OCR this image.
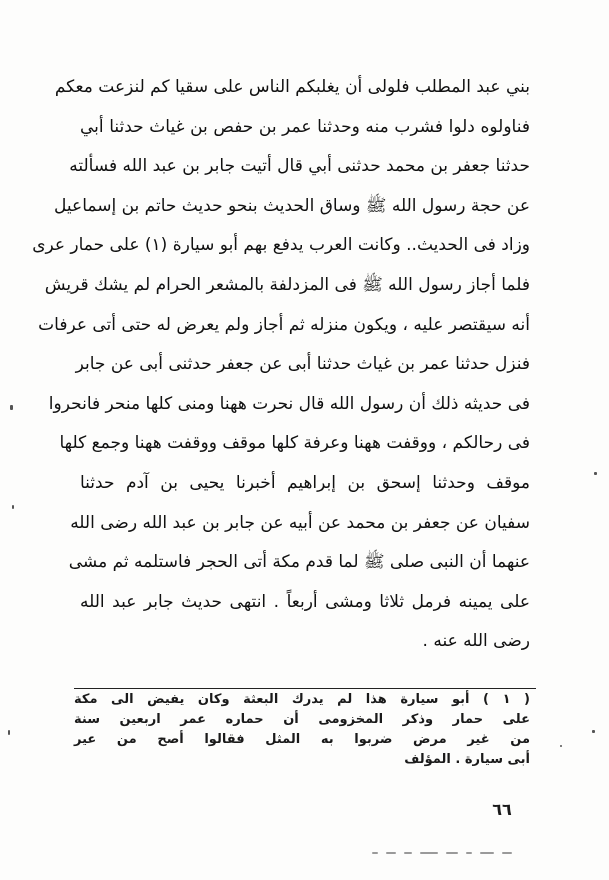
بني عبد المطلب فلولى أن يغلبكم الناس على سقيا كم لنزعت معكم
فناولوه دلوا فشرب منه وحدثنا عمر بن حفص بن غياث حدثنا أبي
حدثنا جعفر بن محمد حدثنى أبي قال أتيت جابر بن عبد الله فسألته
عن حجة رسول الله ﷺ وساق الحديث بنحو حديث حاتم بن إسماعيل
وزاد فى الحديث.. وكانت العرب يدفع بهم أبو سيارة (١) على حمار عرى
فلما أجاز رسول الله ﷺ فى المزدلفة بالمشعر الحرام لم يشك قريش
أنه سيقتصر عليه ، ويكون منزله ثم أجاز ولم يعرض له حتى أتى عرفات
فنزل حدثنا عمر بن غياث حدثنا أبى عن جعفر حدثنى أبى عن جابر
فى حديثه ذلك أن رسول الله قال نحرت ههنا ومنى كلها منحر فانحروا
فى رحالكم ، ووقفت ههنا وعرفة كلها موقف ووقفت ههنا وجمع كلها
موقف وحدثنا إسحق بن إبراهيم أخبرنا يحيى بن آدم حدثنا
سفيان عن جعفر بن محمد عن أبيه عن جابر بن عبد الله رضى الله
عنهما أن النبى صلى ﷺ لما قدم مكة أتى الحجر فاستلمه ثم مشى
على يمينه فرمل ثلاثا ومشى أربعاً . انتهى حديث جابر عبد الله
رضى الله عنه .
( ١ ) أبو سيارة هذا لم يدرك البعثة وكان يفيض الى مكة
على حمار وذكر المخزومى أن حماره عمر اربعين سنة
من غير مرض ضربوا به المثل فقالوا أصح من عير
أبى سيارة . المؤلف
٦٦
